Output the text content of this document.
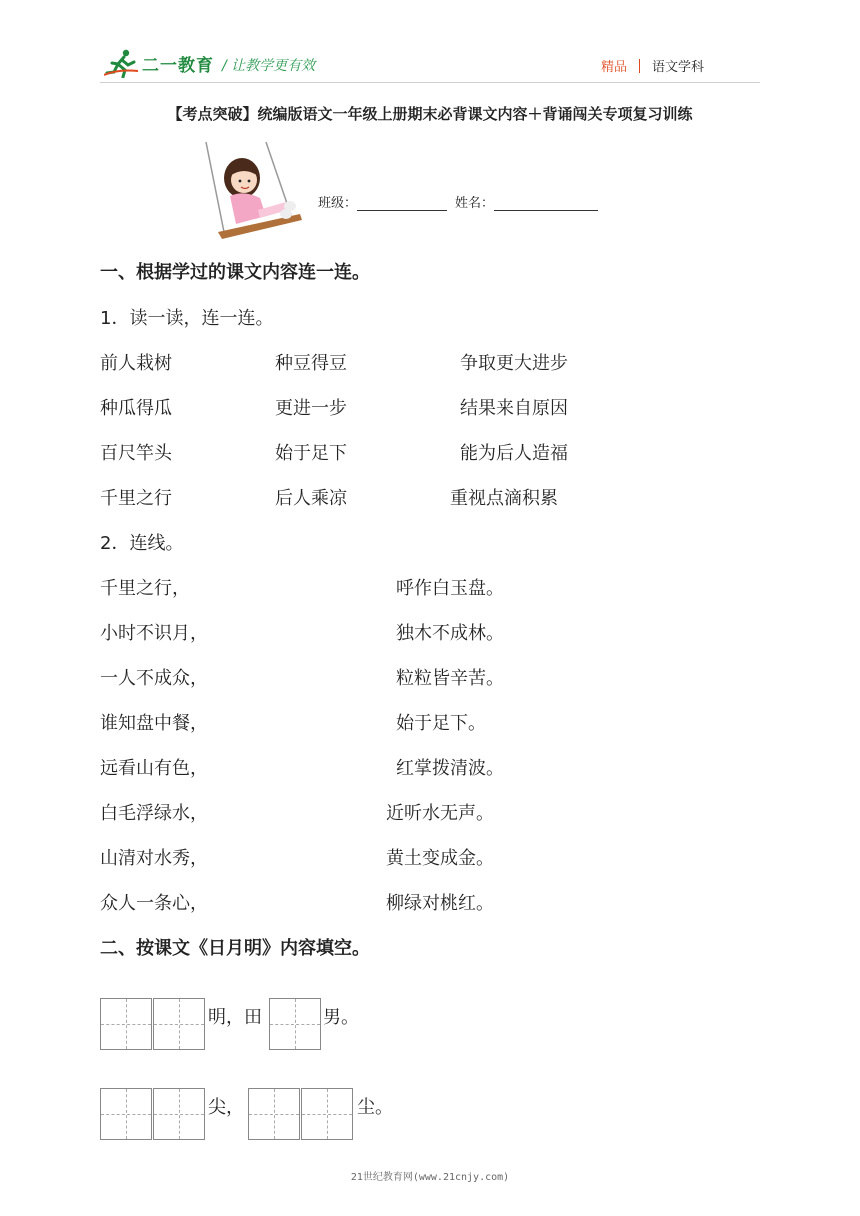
二一教育 / 让教学更有效	精品 语文学科
【考点突破】统编版语文一年级上册期末必背课文内容＋背诵闯关专项复习训练
班级：	姓名：
一、根据学过的课文内容连一连。
1．读一读，连一连。
前人栽树	种豆得豆	争取更大进步
种瓜得瓜	更进一步	结果来自原因
百尺竿头	始于足下	能为后人造福
千里之行	后人乘凉	重视点滴积累
2．连线。
千里之行，	呼作白玉盘。
小时不识月，	独木不成林。
一人不成众，	粒粒皆辛苦。
谁知盘中餐，	始于足下。
远看山有色，	红掌拨清波。
白毛浮绿水，	近听水无声。
山清对水秀，	黄土变成金。
众人一条心，	柳绿对桃红。
二、按课文《日月明》内容填空。
明，田	男。
尖，	尘。
21世纪教育网(www.21cnjy.com)
